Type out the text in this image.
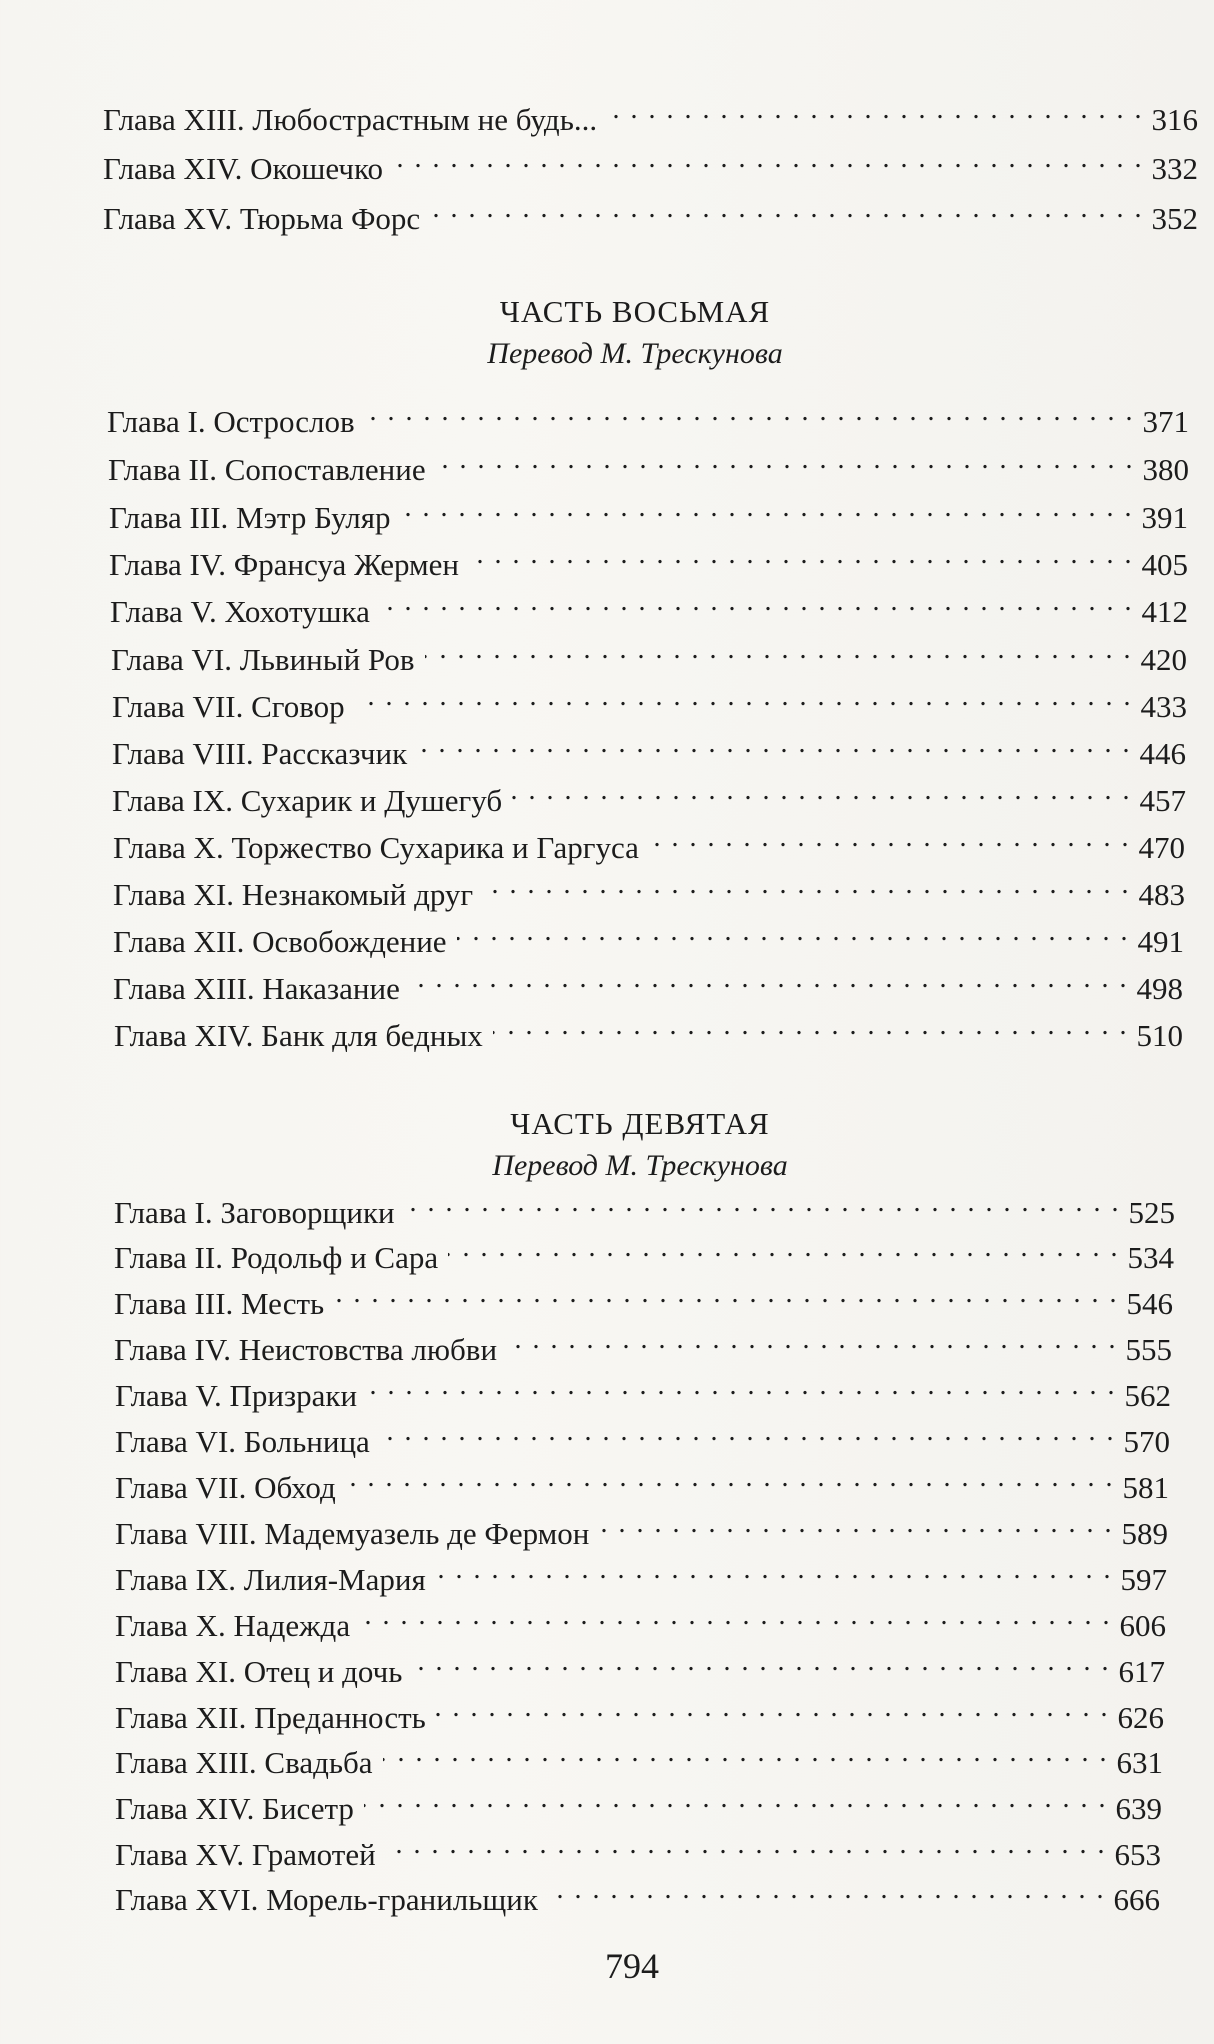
Глава XIII. Любострастным не будь... . . .	316
Глава XIV. Окошечко . . .	332
Глава XV. Тюрьма Форс . . .	352
ЧАСТЬ ВОСЬМАЯ
Перевод М. Трескунова
Глава I. Острослов . . .	371
Глава II. Сопоставление . . .	380
Глава III. Мэтр Буляр . . .	391
Глава IV. Франсуа Жермен . . .	405
Глава V. Хохотушка . . .	412
Глава VI. Львиный Ров . . .	420
Глава VII. Сговор . . .	433
Глава VIII. Рассказчик . . .	446
Глава IX. Сухарик и Душегуб . . .	457
Глава X. Торжество Сухарика и Гаргуса . . .	470
Глава XI. Незнакомый друг . . .	483
Глава XII. Освобождение . . .	491
Глава XIII. Наказание . . .	498
Глава XIV. Банк для бедных . . .	510
ЧАСТЬ ДЕВЯТАЯ
Перевод М. Трескунова
Глава I. Заговорщики . . .	525
Глава II. Родольф и Сара . . .	534
Глава III. Месть . . .	546
Глава IV. Неистовства любви . . .	555
Глава V. Призраки . . .	562
Глава VI. Больница . . .	570
Глава VII. Обход . . .	581
Глава VIII. Мадемуазель де Фермон . . .	589
Глава IX. Лилия-Мария . . .	597
Глава X. Надежда . . .	606
Глава XI. Отец и дочь . . .	617
Глава XII. Преданность . . .	626
Глава XIII. Свадьба . . .	631
Глава XIV. Бисетр . . .	639
Глава XV. Грамотей . . .	653
Глава XVI. Морель-гранильщик . . .	666
794
